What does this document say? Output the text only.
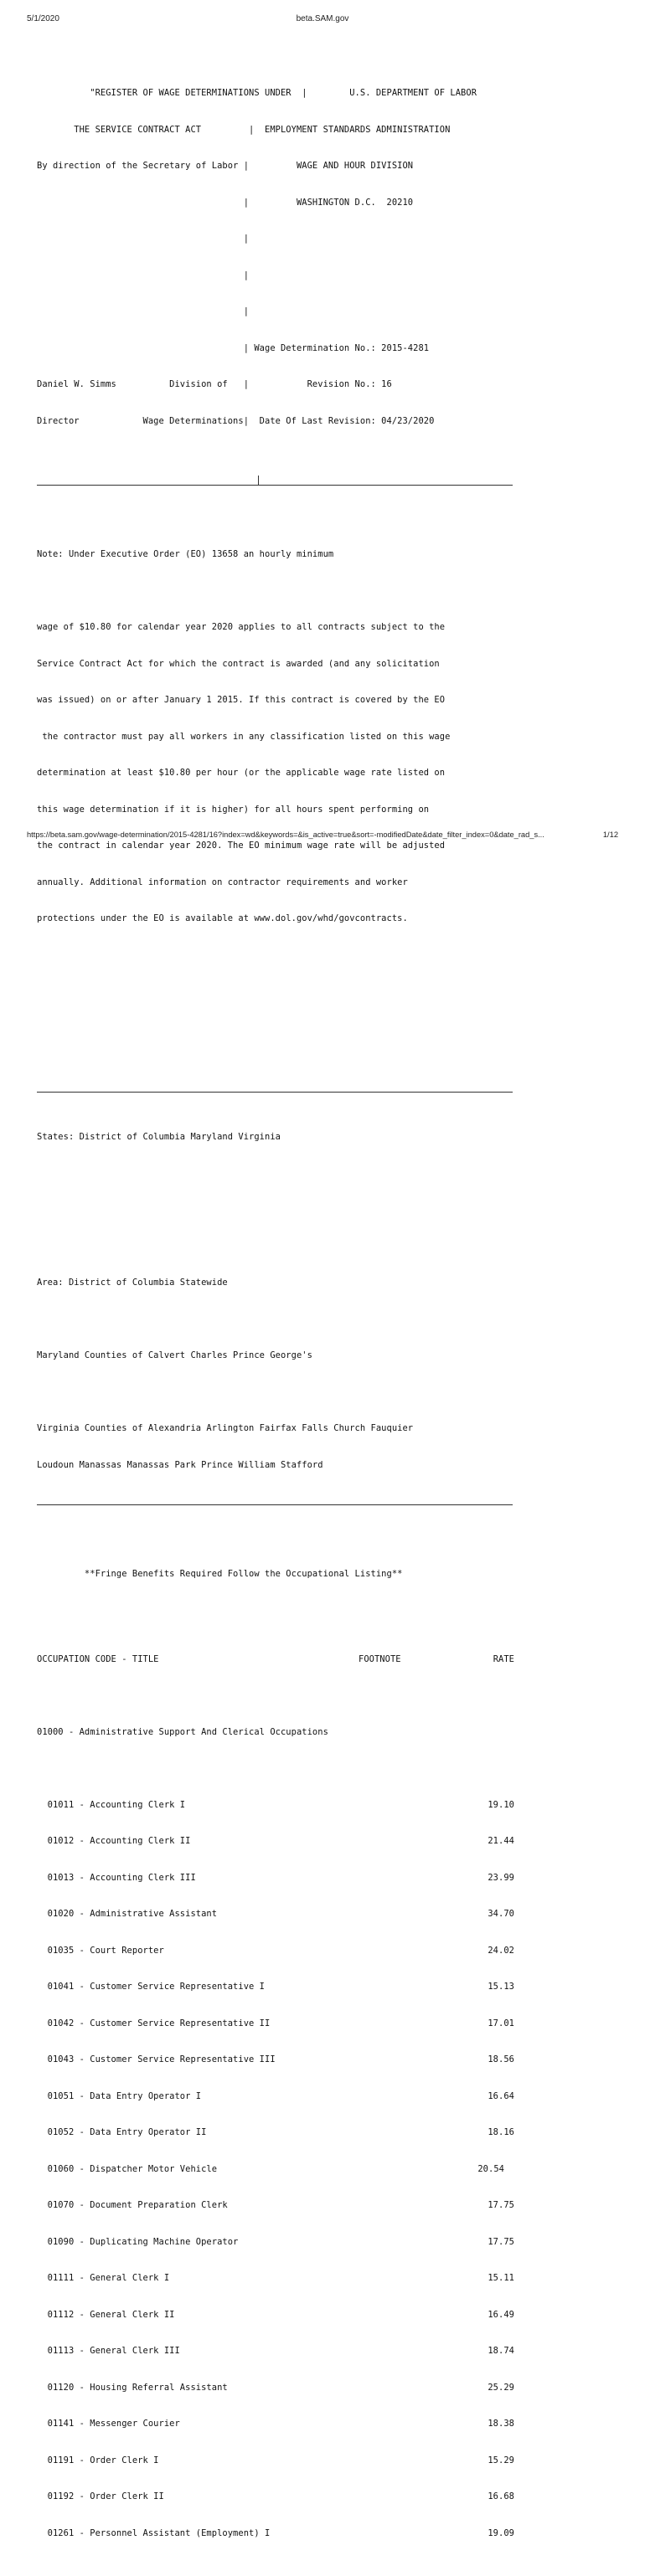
5/1/2020	beta.SAM.gov

"REGISTER OF WAGE DETERMINATIONS UNDER  |        U.S. DEPARTMENT OF LABOR

THE SERVICE CONTRACT ACT         |  EMPLOYMENT STANDARDS ADMINISTRATION

By direction of the Secretary of Labor |         WAGE AND HOUR DIVISION

|         WASHINGTON D.C.  20210

|

|

|

| Wage Determination No.: 2015-4281

Daniel W. Simms          Division of   |           Revision No.: 16

Director            Wage Determinations|  Date Of Last Revision: 04/23/2020

Note: Under Executive Order (EO) 13658 an hourly minimum

wage of $10.80 for calendar year 2020 applies to all contracts subject to the

Service Contract Act for which the contract is awarded (and any solicitation

was issued) on or after January 1 2015. If this contract is covered by the EO

the contractor must pay all workers in any classification listed on this wage

determination at least $10.80 per hour (or the applicable wage rate listed on

this wage determination if it is higher) for all hours spent performing on

the contract in calendar year 2020. The EO minimum wage rate will be adjusted

annually. Additional information on contractor requirements and worker

protections under the EO is available at www.dol.gov/whd/govcontracts.

States: District of Columbia Maryland Virginia

Area: District of Columbia Statewide

Maryland Counties of Calvert Charles Prince George's

Virginia Counties of Alexandria Arlington Fairfax Falls Church Fauquier

Loudoun Manassas Manassas Park Prince William Stafford

**Fringe Benefits Required Follow the Occupational Listing**

OCCUPATION CODE - TITLE	FOOTNOTE	RATE

01000 - Administrative Support And Clerical Occupations

01011 - Accounting Clerk I	19.10

01012 - Accounting Clerk II	21.44

01013 - Accounting Clerk III	23.99

01020 - Administrative Assistant	34.70

01035 - Court Reporter	24.02

01041 - Customer Service Representative I	15.13

01042 - Customer Service Representative II	17.01

01043 - Customer Service Representative III	18.56

01051 - Data Entry Operator I	16.64

01052 - Data Entry Operator II	18.16

01060 - Dispatcher Motor Vehicle	20.54

01070 - Document Preparation Clerk	17.75

01090 - Duplicating Machine Operator	17.75

01111 - General Clerk I	15.11

01112 - General Clerk II	16.49

01113 - General Clerk III	18.74

01120 - Housing Referral Assistant	25.29

01141 - Messenger Courier	18.38

01191 - Order Clerk I	15.29

01192 - Order Clerk II	16.68

01261 - Personnel Assistant (Employment) I	19.09

https://beta.sam.gov/wage-determination/2015-4281/16?index=wd&keywords=&is_active=true&sort=-modifiedDate&date_filter_index=0&date_rad_s...	1/12
